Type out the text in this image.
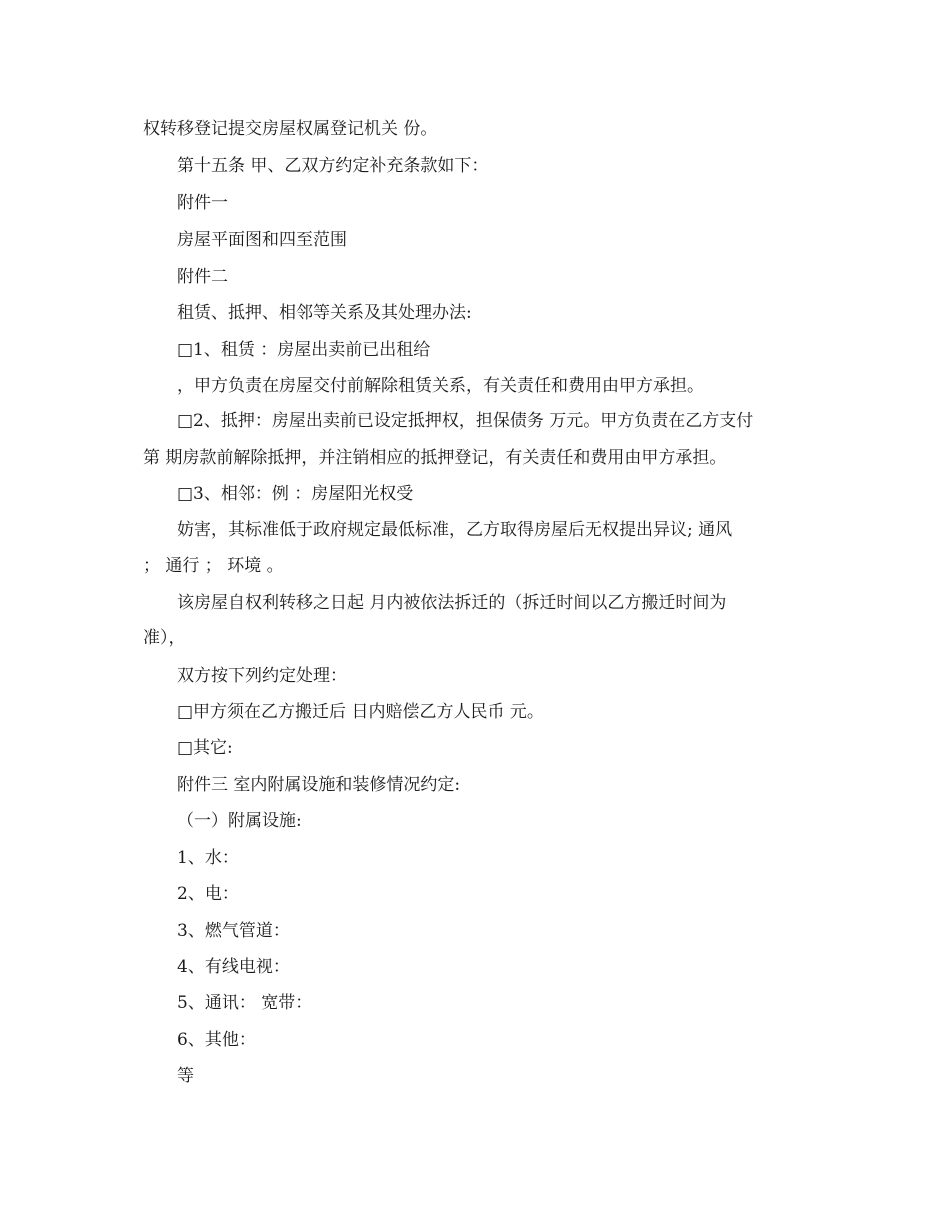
权转移登记提交房屋权属登记机关 份。
第十五条 甲、乙双方约定补充条款如下：
附件一
房屋平面图和四至范围
附件二
租赁、抵押、相邻等关系及其处理办法:
□1、租赁 ：房屋出卖前已出租给
，甲方负责在房屋交付前解除租赁关系，有关责任和费用由甲方承担。
□2、抵押：房屋出卖前已设定抵押权，担保债务 万元。甲方负责在乙方支付
第 期房款前解除抵押，并注销相应的抵押登记，有关责任和费用由甲方承担。
□3、相邻：例 ：房屋阳光权受
妨害，其标准低于政府规定最低标准，乙方取得房屋后无权提出异议; 通风
； 通行 ； 环境 。
该房屋自权利转移之日起 月内被依法拆迁的（拆迁时间以乙方搬迁时间为
准），
双方按下列约定处理：
□甲方须在乙方搬迁后 日内赔偿乙方人民币 元。
□其它:
附件三 室内附属设施和装修情况约定:
（一）附属设施:
1、水：
2、电：
3、燃气管道：
4、有线电视：
5、通讯： 宽带：
6、其他：
等
